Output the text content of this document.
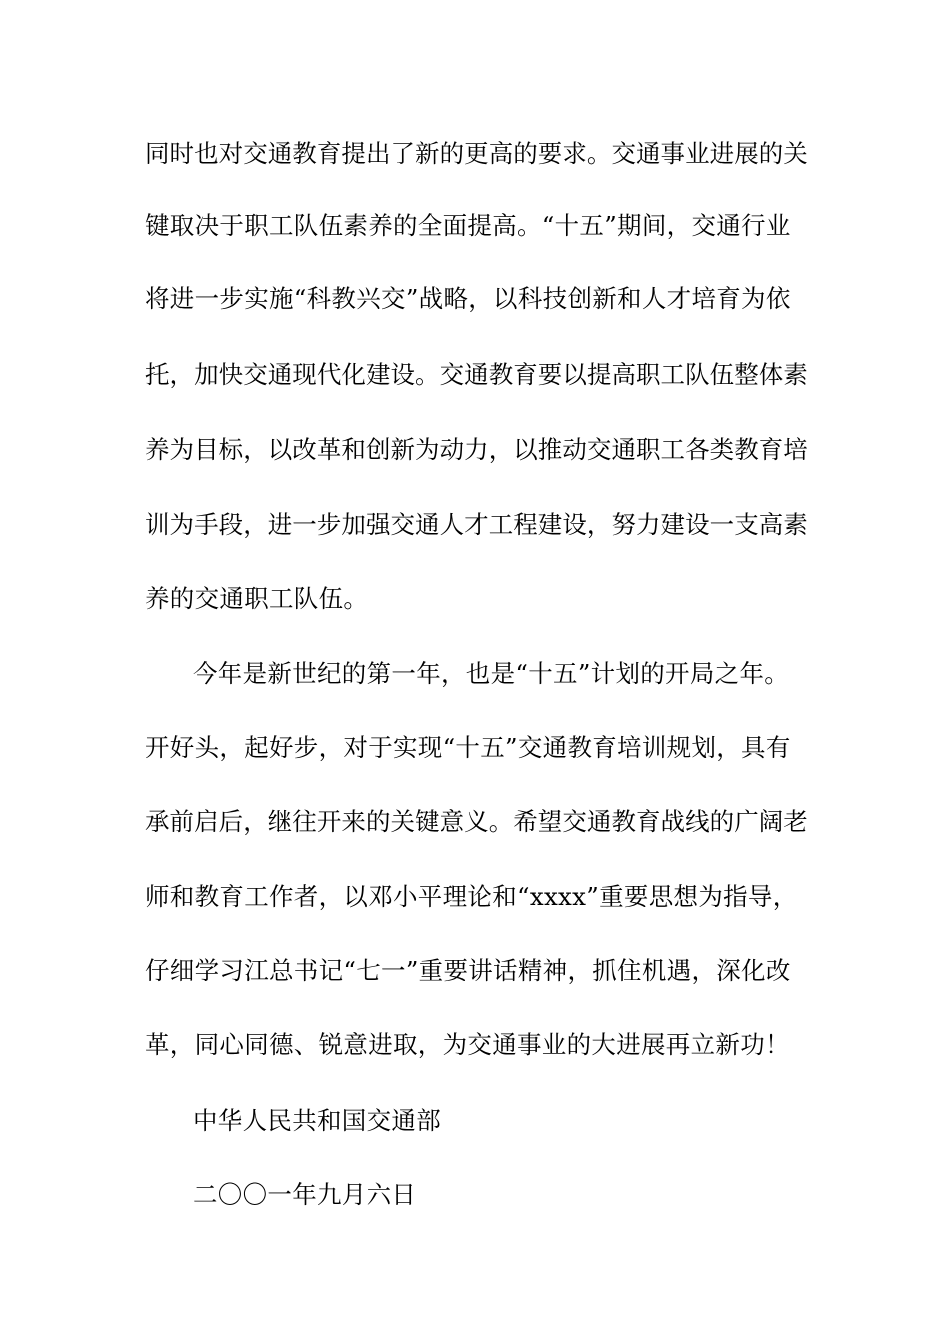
同时也对交通教育提出了新的更高的要求。交通事业进展的关
键取决于职工队伍素养的全面提高。“十五”期间，交通行业
将进一步实施“科教兴交”战略，以科技创新和人才培育为依
托，加快交通现代化建设。交通教育要以提高职工队伍整体素
养为目标，以改革和创新为动力，以推动交通职工各类教育培
训为手段，进一步加强交通人才工程建设，努力建设一支高素
养的交通职工队伍。
今年是新世纪的第一年，也是“十五”计划的开局之年。
开好头，起好步，对于实现“十五”交通教育培训规划，具有
承前启后，继往开来的关键意义。希望交通教育战线的广阔老
师和教育工作者，以邓小平理论和“xxxx”重要思想为指导，
仔细学习江总书记“七一”重要讲话精神，抓住机遇，深化改
革，同心同德、锐意进取，为交通事业的大进展再立新功！
中华人民共和国交通部
二〇〇一年九月六日
